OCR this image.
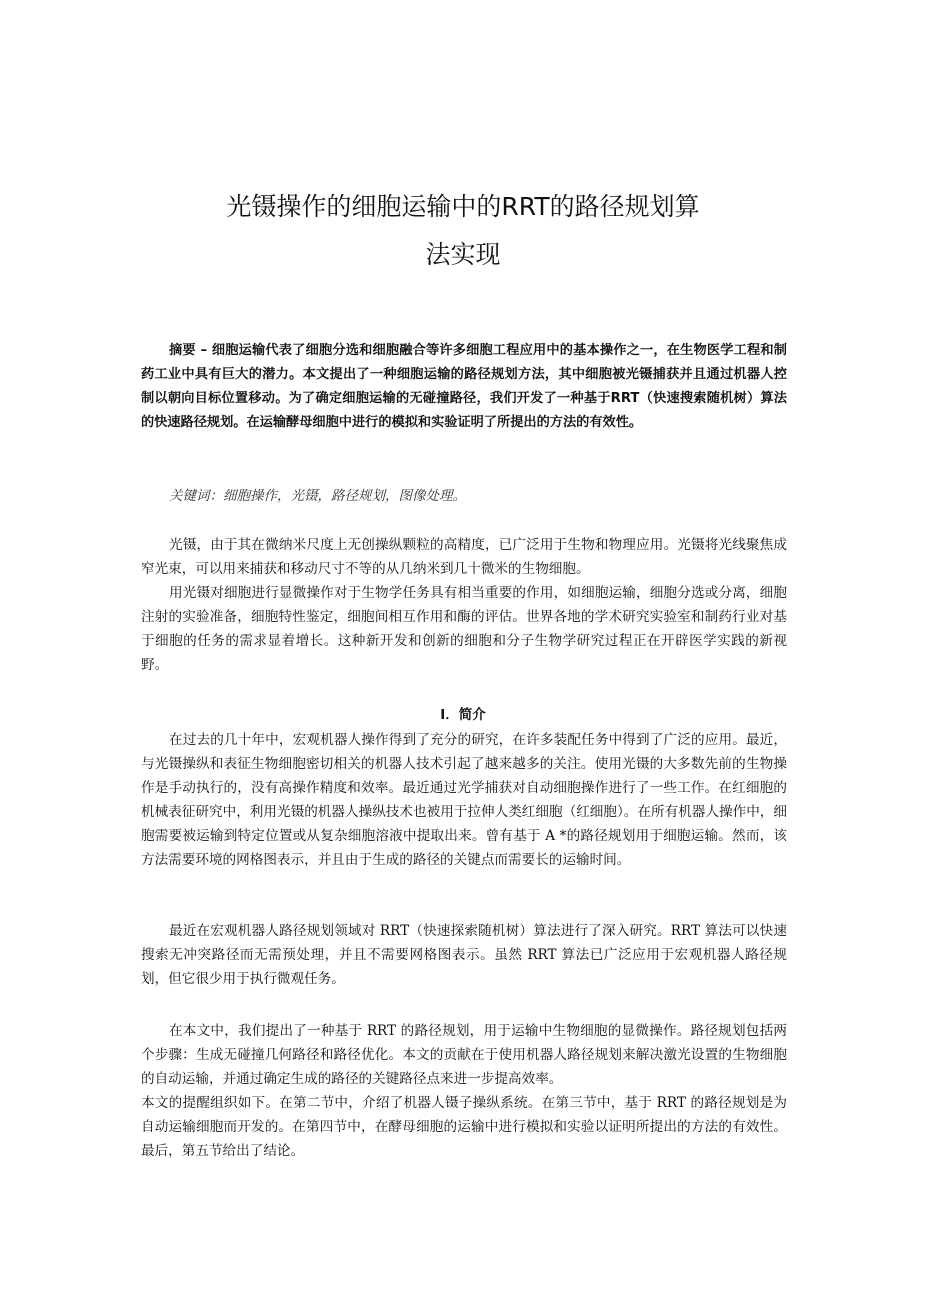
光镊操作的细胞运输中的RRT的路径规划算
法实现

摘要 – 细胞运输代表了细胞分选和细胞融合等许多细胞工程应用中的基本操作之一，在生物医学工程和制药工业中具有巨大的潜力。本文提出了一种细胞运输的路径规划方法，其中细胞被光镊捕获并且通过机器人控制以朝向目标位置移动。为了确定细胞运输的无碰撞路径，我们开发了一种基于RRT（快速搜索随机树）算法的快速路径规划。在运输酵母细胞中进行的模拟和实验证明了所提出的方法的有效性。

关键词：细胞操作，光镊，路径规划，图像处理。

光镊，由于其在微纳米尺度上无创操纵颗粒的高精度，已广泛用于生物和物理应用。光镊将光线聚焦成窄光束，可以用来捕获和移动尺寸不等的从几纳米到几十微米的生物细胞。

用光镊对细胞进行显微操作对于生物学任务具有相当重要的作用，如细胞运输，细胞分选或分离，细胞注射的实验准备，细胞特性鉴定，细胞间相互作用和酶的评估。世界各地的学术研究实验室和制药行业对基于细胞的任务的需求显着增长。这种新开发和创新的细胞和分子生物学研究过程正在开辟医学实践的新视野。

I．简介

在过去的几十年中，宏观机器人操作得到了充分的研究，在许多装配任务中得到了广泛的应用。最近，与光镊操纵和表征生物细胞密切相关的机器人技术引起了越来越多的关注。使用光镊的大多数先前的生物操作是手动执行的，没有高操作精度和效率。最近通过光学捕获对自动细胞操作进行了一些工作。在红细胞的机械表征研究中，利用光镊的机器人操纵技术也被用于拉伸人类红细胞（红细胞）。在所有机器人操作中，细胞需要被运输到特定位置或从复杂细胞溶液中提取出来。曾有基于 A *的路径规划用于细胞运输。然而，该方法需要环境的网格图表示，并且由于生成的路径的关键点而需要长的运输时间。

最近在宏观机器人路径规划领域对 RRT（快速探索随机树）算法进行了深入研究。RRT 算法可以快速搜索无冲突路径而无需预处理，并且不需要网格图表示。虽然 RRT 算法已广泛应用于宏观机器人路径规划，但它很少用于执行微观任务。

在本文中，我们提出了一种基于 RRT 的路径规划，用于运输中生物细胞的显微操作。路径规划包括两个步骤：生成无碰撞几何路径和路径优化。本文的贡献在于使用机器人路径规划来解决激光设置的生物细胞的自动运输，并通过确定生成的路径的关键路径点来进一步提高效率。

本文的提醒组织如下。在第二节中，介绍了机器人镊子操纵系统。在第三节中，基于 RRT 的路径规划是为自动运输细胞而开发的。在第四节中，在酵母细胞的运输中进行模拟和实验以证明所提出的方法的有效性。最后，第五节给出了结论。
